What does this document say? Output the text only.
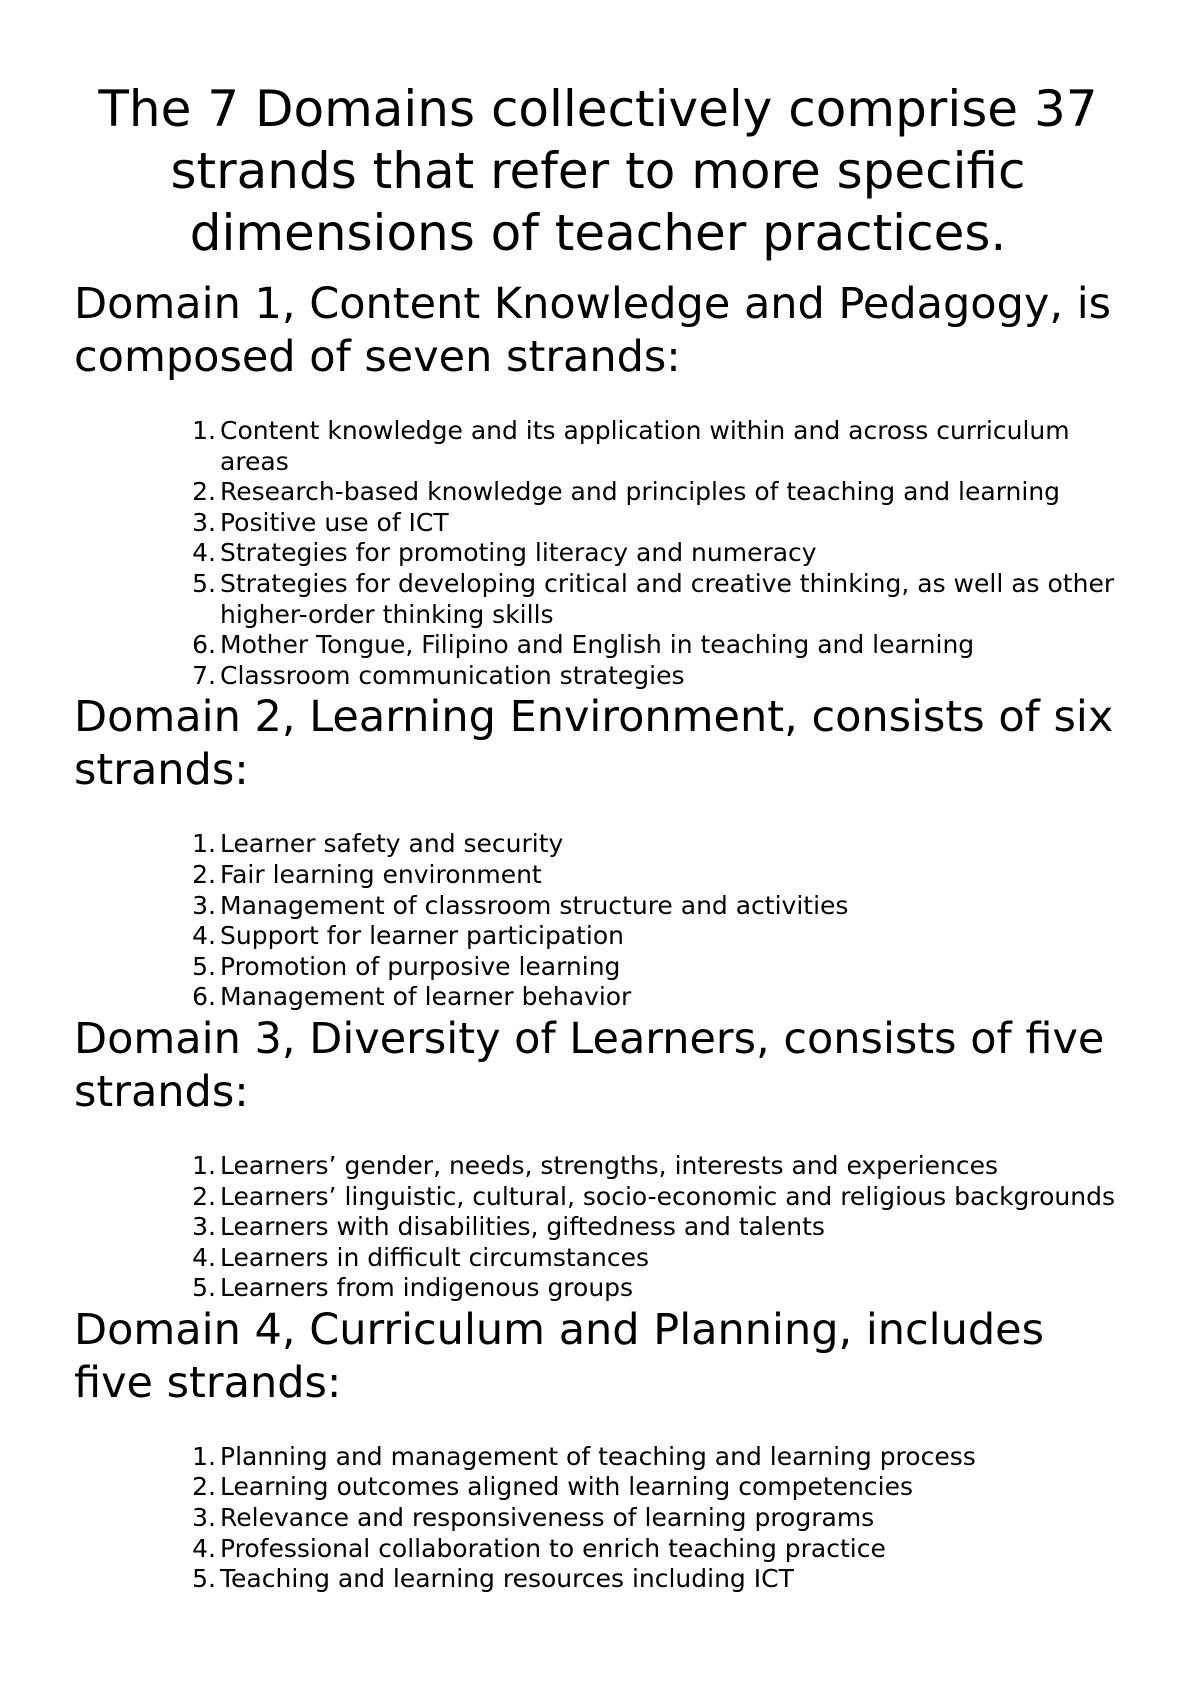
The 7 Domains collectively comprise 37 strands that refer to more specific dimensions of teacher practices.
Domain 1, Content Knowledge and Pedagogy, is composed of seven strands:
1. Content knowledge and its application within and across curriculum areas
2. Research-based knowledge and principles of teaching and learning
3. Positive use of ICT
4. Strategies for promoting literacy and numeracy
5. Strategies for developing critical and creative thinking, as well as other higher-order thinking skills
6. Mother Tongue, Filipino and English in teaching and learning
7. Classroom communication strategies
Domain 2, Learning Environment, consists of six strands:
1. Learner safety and security
2. Fair learning environment
3. Management of classroom structure and activities
4. Support for learner participation
5. Promotion of purposive learning
6. Management of learner behavior
Domain 3, Diversity of Learners, consists of five strands:
1. Learners’ gender, needs, strengths, interests and experiences
2. Learners’ linguistic, cultural, socio-economic and religious backgrounds
3. Learners with disabilities, giftedness and talents
4. Learners in difficult circumstances
5. Learners from indigenous groups
Domain 4, Curriculum and Planning, includes five strands:
1. Planning and management of teaching and learning process
2. Learning outcomes aligned with learning competencies
3. Relevance and responsiveness of learning programs
4. Professional collaboration to enrich teaching practice
5. Teaching and learning resources including ICT
